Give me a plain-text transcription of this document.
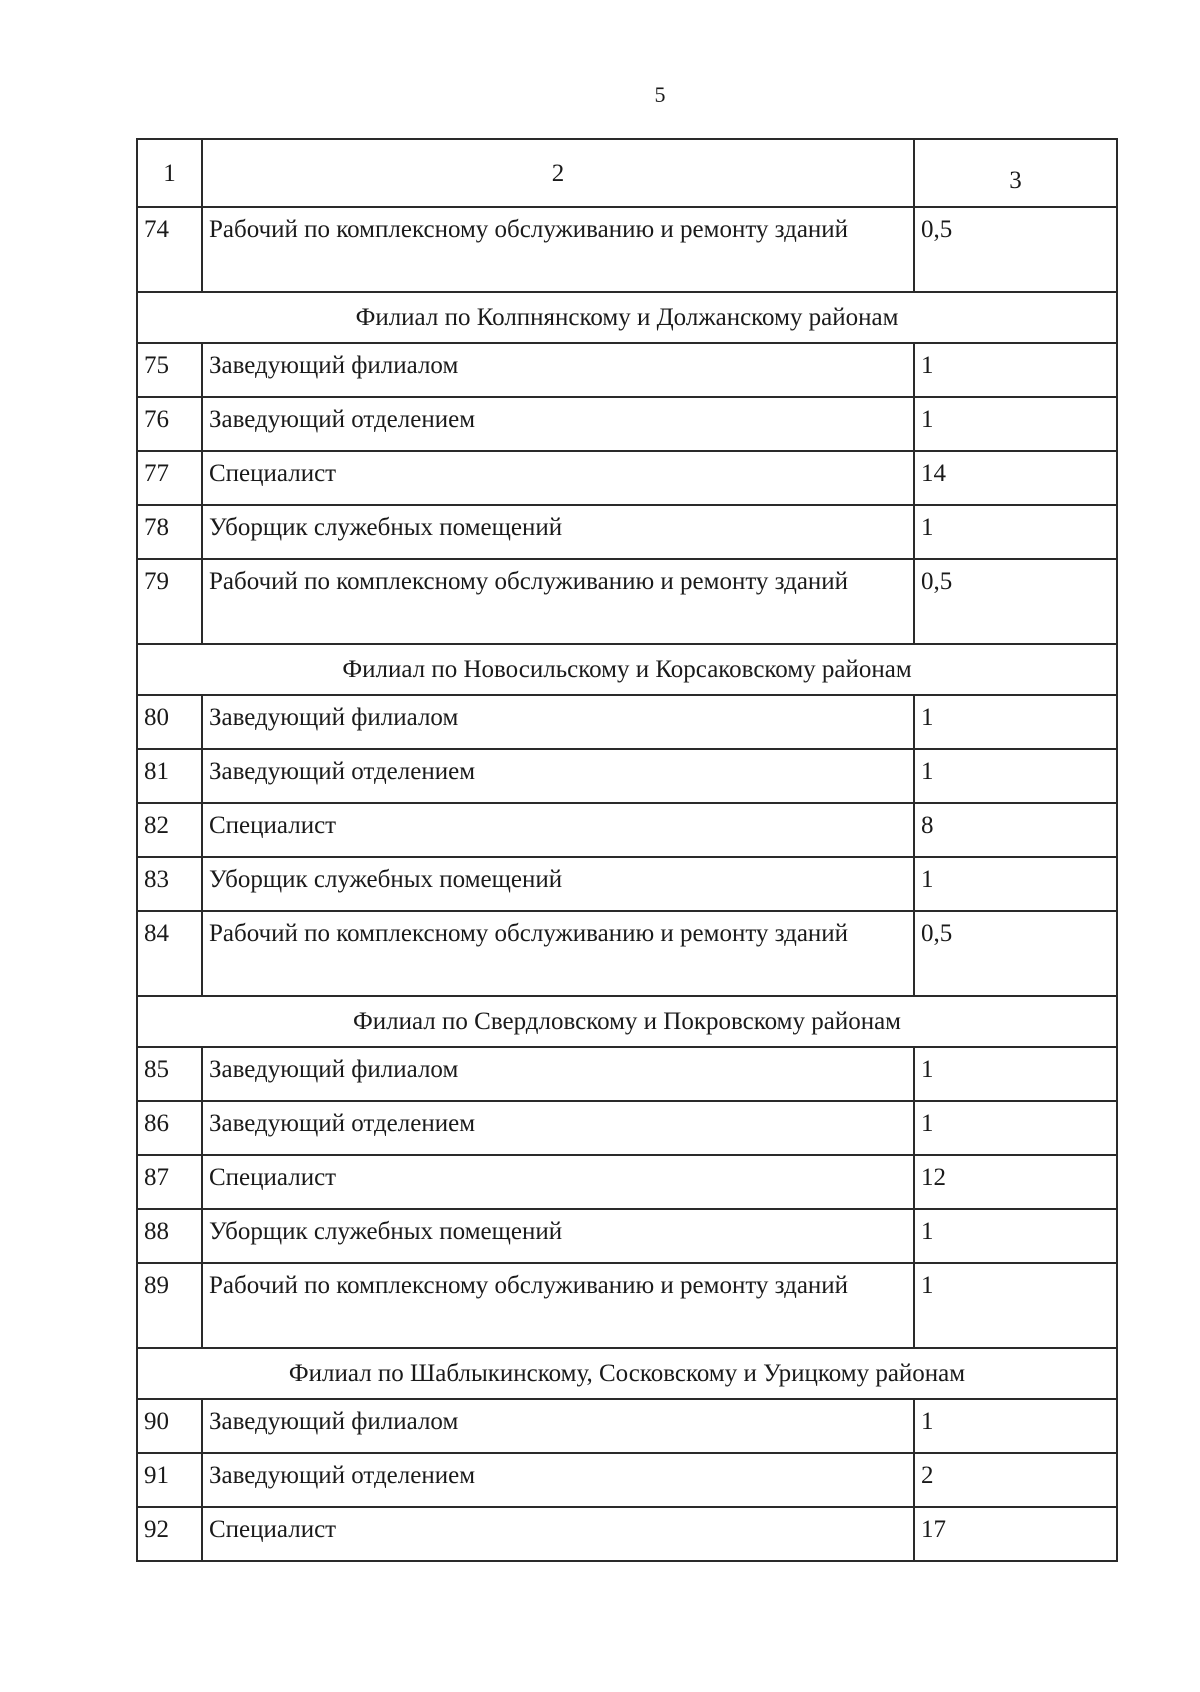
5
1	2	3
74	Рабочий по комплексному обслуживанию и ремонту зданий	0,5
Филиал по Колпнянскому и Должанскому районам		
75	Заведующий филиалом	1
76	Заведующий отделением	1
77	Специалист	14
78	Уборщик служебных помещений	1
79	Рабочий по комплексному обслуживанию и ремонту зданий	0,5
Филиал по Новосильскому и Корсаковскому районам		
80	Заведующий филиалом	1
81	Заведующий отделением	1
82	Специалист	8
83	Уборщик служебных помещений	1
84	Рабочий по комплексному обслуживанию и ремонту зданий	0,5
Филиал по Свердловскому и Покровскому районам		
85	Заведующий филиалом	1
86	Заведующий отделением	1
87	Специалист	12
88	Уборщик служебных помещений	1
89	Рабочий по комплексному обслуживанию и ремонту зданий	1
Филиал по Шаблыкинскому, Сосковскому и Урицкому районам		
90	Заведующий филиалом	1
91	Заведующий отделением	2
92	Специалист	17
